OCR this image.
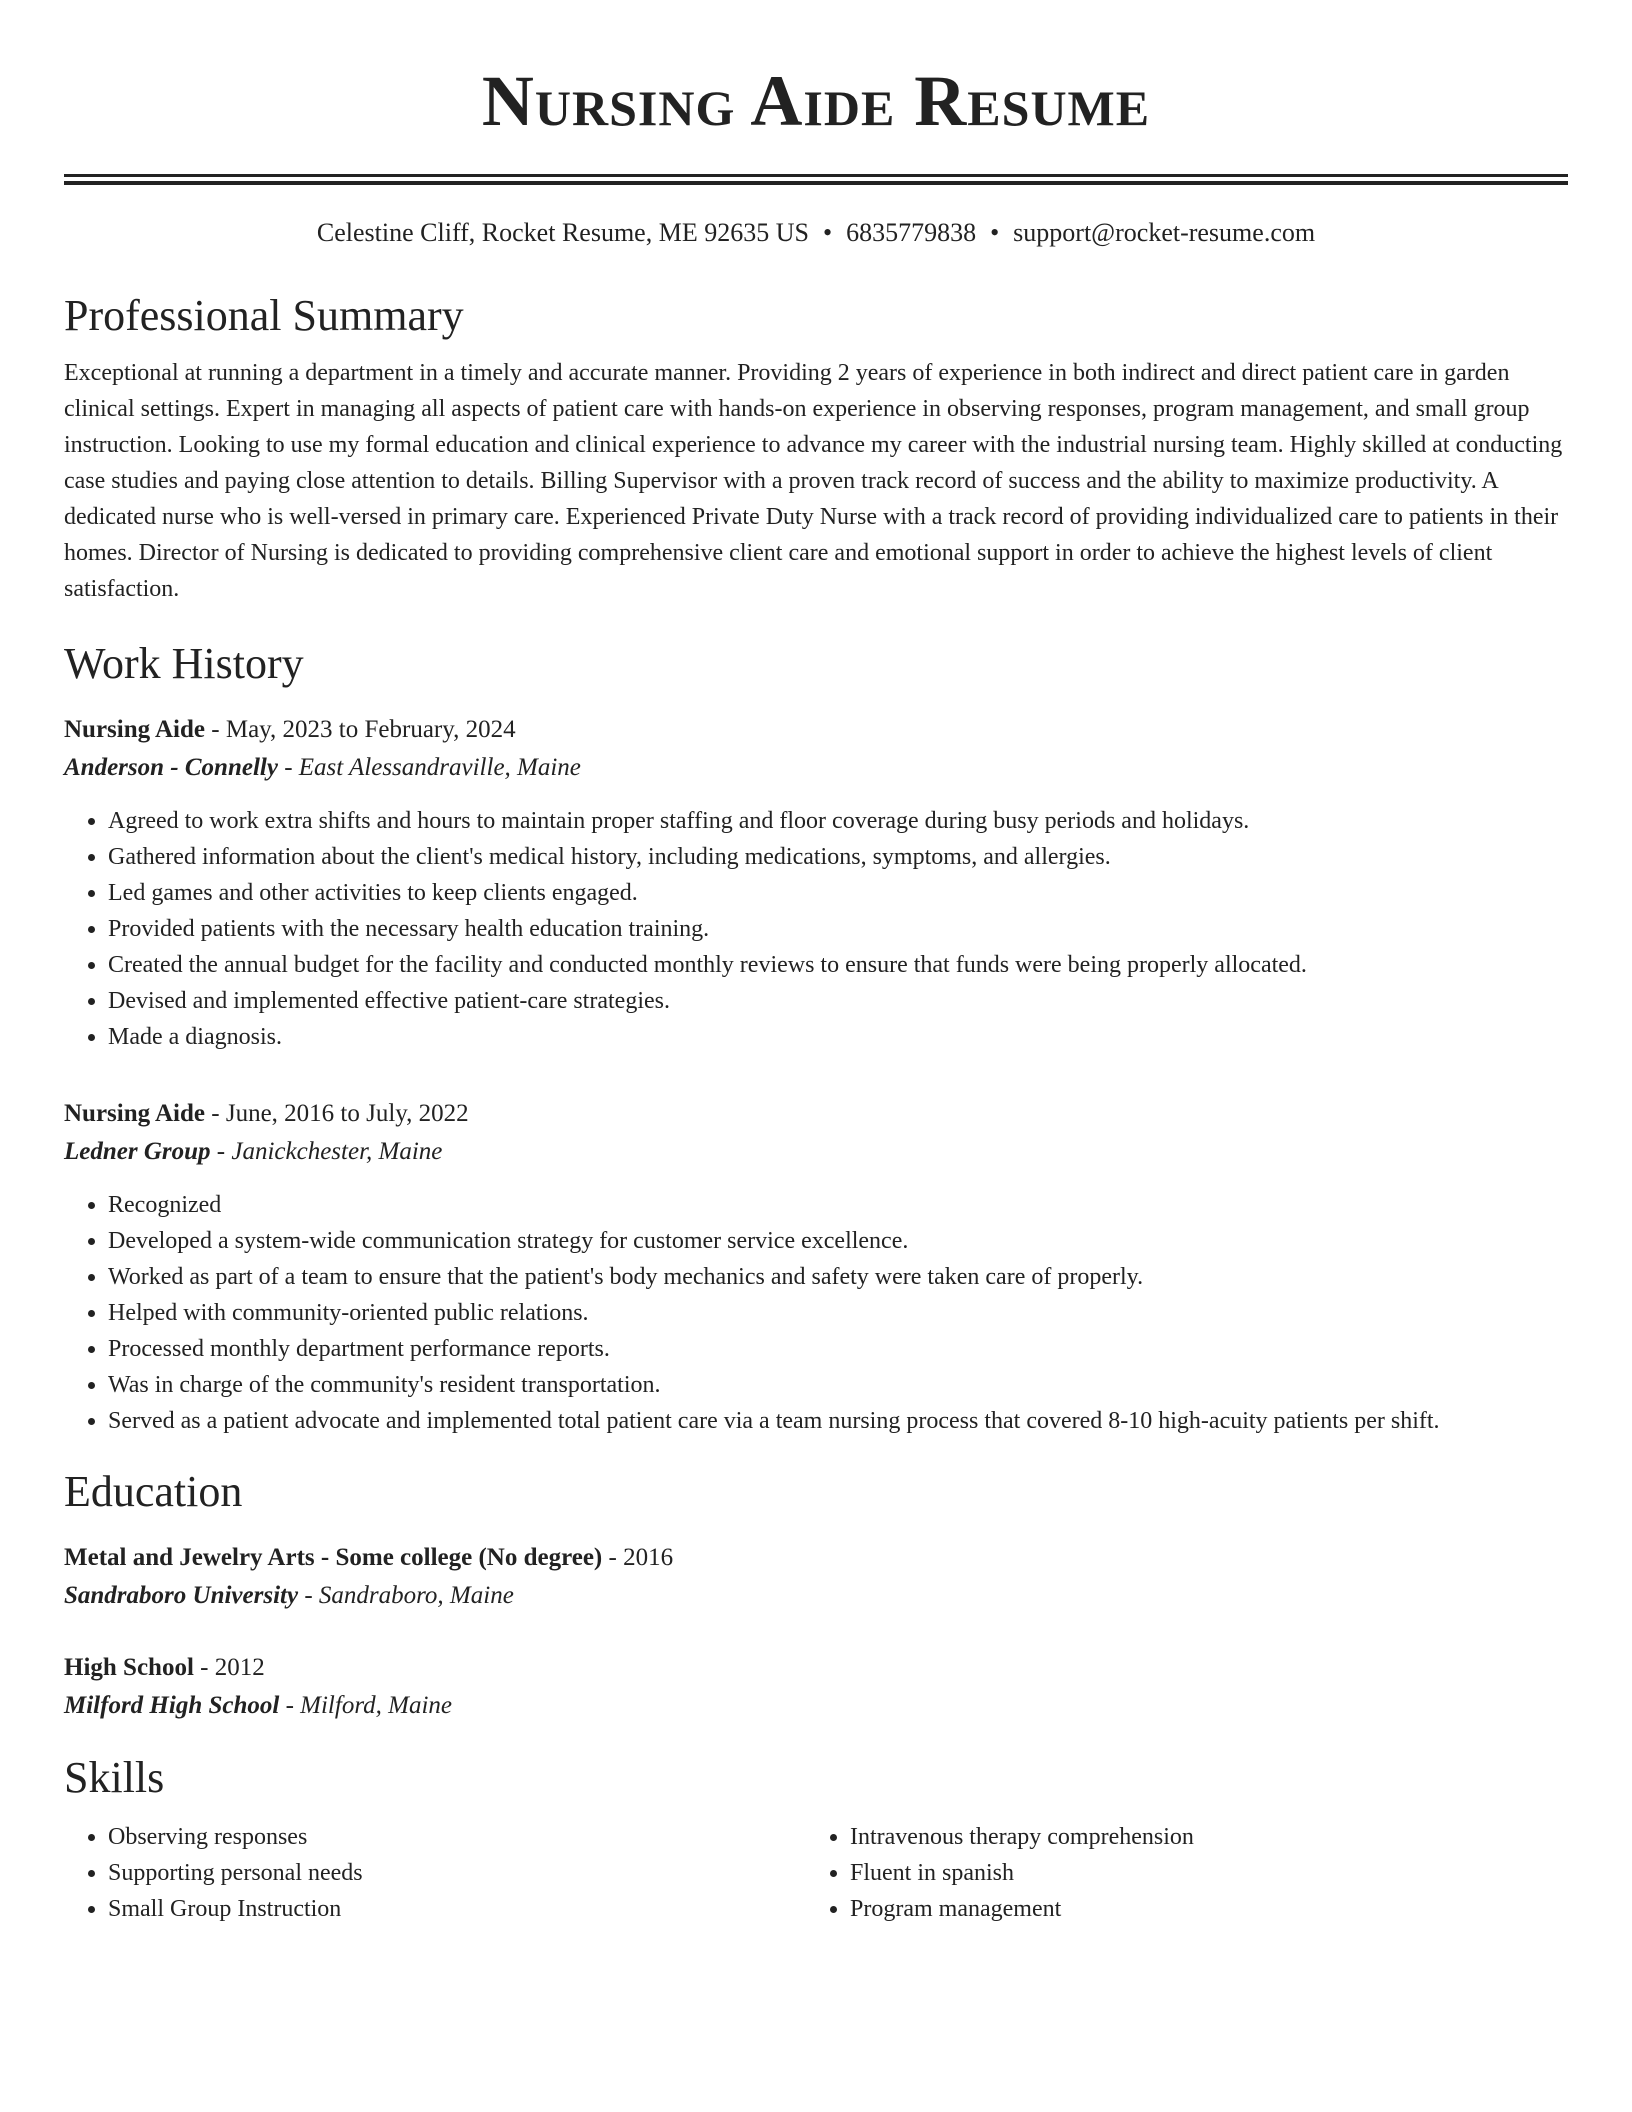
Nursing Aide Resume
Celestine Cliff, Rocket Resume, ME 92635 US • 6835779838 • support@rocket-resume.com
Professional Summary

Exceptional at running a department in a timely and accurate manner. Providing 2 years of experience in both indirect and direct patient care in garden clinical settings. Expert in managing all aspects of patient care with hands-on experience in observing responses, program management, and small group instruction. Looking to use my formal education and clinical experience to advance my career with the industrial nursing team. Highly skilled at conducting case studies and paying close attention to details. Billing Supervisor with a proven track record of success and the ability to maximize productivity. A dedicated nurse who is well-versed in primary care. Experienced Private Duty Nurse with a track record of providing individualized care to patients in their homes. Director of Nursing is dedicated to providing comprehensive client care and emotional support in order to achieve the highest levels of client satisfaction.

Work History
Nursing Aide - May, 2023 to February, 2024
Anderson - Connelly - East Alessandraville, Maine
• Agreed to work extra shifts and hours to maintain proper staffing and floor coverage during busy periods and holidays.
• Gathered information about the client's medical history, including medications, symptoms, and allergies.
• Led games and other activities to keep clients engaged.
• Provided patients with the necessary health education training.
• Created the annual budget for the facility and conducted monthly reviews to ensure that funds were being properly allocated.
• Devised and implemented effective patient-care strategies.
• Made a diagnosis.
Nursing Aide - June, 2016 to July, 2022
Ledner Group - Janickchester, Maine
• Recognized
• Developed a system-wide communication strategy for customer service excellence.
• Worked as part of a team to ensure that the patient's body mechanics and safety were taken care of properly.
• Helped with community-oriented public relations.
• Processed monthly department performance reports.
• Was in charge of the community's resident transportation.
• Served as a patient advocate and implemented total patient care via a team nursing process that covered 8-10 high-acuity patients per shift.
Education
Metal and Jewelry Arts - Some college (No degree) - 2016
Sandraboro University - Sandraboro, Maine
High School - 2012
Milford High School - Milford, Maine
Skills
• Observing responses
• Supporting personal needs
• Small Group Instruction
• Intravenous therapy comprehension
• Fluent in spanish
• Program management
